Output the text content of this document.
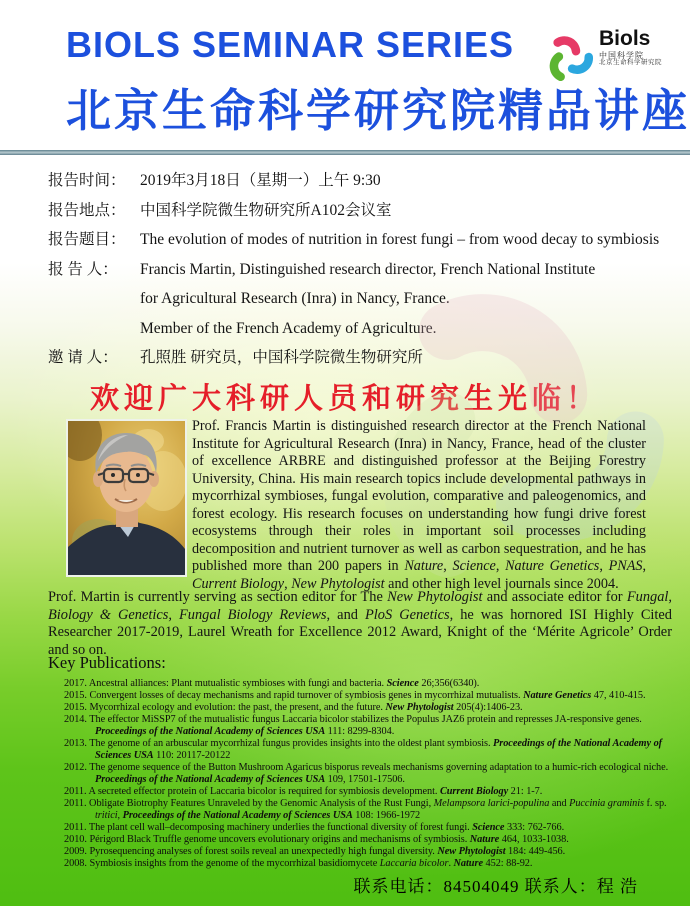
BIOLS SEMINAR SERIES	Biols
中国科学院
北京生命科学研究院
北京生命科学研究院精品讲座
报告时间： 2019年3月18日（星期一）上午 9:30
报告地点： 中国科学院微生物研究所A102会议室
报告题目： The evolution of modes of nutrition in forest fungi – from wood decay to symbiosis
报 告 人： Francis Martin, Distinguished research director, French National Institute
for Agricultural Research (Inra) in Nancy, France.
Member of the French Academy of Agriculture.
邀 请 人： 孔照胜 研究员，中国科学院微生物研究所
欢迎广大科研人员和研究生光临！
Prof. Francis Martin is distinguished research director at the French National Institute for Agricultural Research (Inra) in Nancy, France, head of the cluster of excellence ARBRE and distinguished professor at the Beijing Forestry University, China. His main research topics include developmental pathways in mycorrhizal symbioses, fungal evolution, comparative and paleogenomics, and forest ecology. His research focuses on understanding how fungi drive forest ecosystems through their roles in important soil processes including decomposition and nutrient turnover as well as carbon sequestration, and he has published more than 200 papers in Nature, Science, Nature Genetics, PNAS, Current Biology, New Phytologist and other high level journals since 2004.
Prof. Martin is currently serving as section editor for The New Phytologist and associate editor for Fungal, Biology & Genetics, Fungal Biology Reviews, and PloS Genetics, he was hornored ISI Highly Cited Researcher 2017-2019, Laurel Wreath for Excellence 2012 Award, Knight of the ‘Mérite Agricole’ Order and so on.
Key Publications:
2017. Ancestral alliances: Plant mutualistic symbioses with fungi and bacteria. Science 26;356(6340).
2015. Convergent losses of decay mechanisms and rapid turnover of symbiosis genes in mycorrhizal mutualists. Nature Genetics 47, 410-415.
2015. Mycorrhizal ecology and evolution: the past, the present, and the future. New Phytologist 205(4):1406-23.
2014. The effector MiSSP7 of the mutualistic fungus Laccaria bicolor stabilizes the Populus JAZ6 protein and represses JA-responsive genes. Proceedings of the National Academy of Sciences USA 111: 8299-8304.
2013. The genome of an arbuscular mycorrhizal fungus provides insights into the oldest plant symbiosis. Proceedings of the National Academy of Sciences USA 110: 20117-20122
2012. The genome sequence of the Button Mushroom Agaricus bisporus reveals mechanisms governing adaptation to a humic-rich ecological niche. Proceedings of the National Academy of Sciences USA 109, 17501-17506.
2011. A secreted effector protein of Laccaria bicolor is required for symbiosis development. Current Biology 21: 1-7.
2011. Obligate Biotrophy Features Unraveled by the Genomic Analysis of the Rust Fungi, Melampsora larici-populina and Puccinia graminis f. sp. tritici, Proceedings of the National Academy of Sciences USA 108: 1966-1972
2011. The plant cell wall–decomposing machinery underlies the functional diversity of forest fungi. Science 333: 762-766.
2010. Périgord Black Truffle genome uncovers evolutionary origins and mechanisms of symbiosis. Nature 464, 1033-1038.
2009. Pyrosequencing analyses of forest soils reveal an unexpectedly high fungal diversity. New Phytologist 184: 449-456.
2008. Symbiosis insights from the genome of the mycorrhizal basidiomycete Laccaria bicolor. Nature 452: 88-92.
联系电话：84504049 联系人：程 浩
